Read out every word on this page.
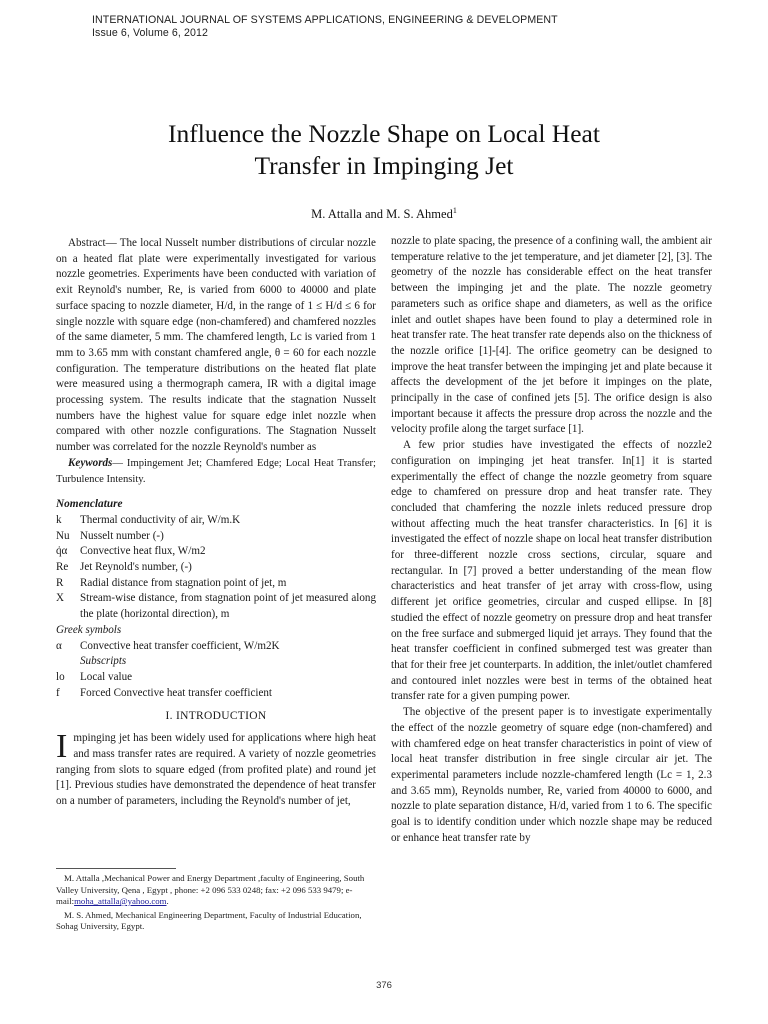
INTERNATIONAL JOURNAL OF SYSTEMS APPLICATIONS, ENGINEERING & DEVELOPMENT
Issue 6, Volume 6, 2012
Influence the Nozzle Shape on Local Heat
Transfer in Impinging Jet
M. Attalla and M. S. Ahmed$^1$

Abstract— The local Nusselt number distributions of circular nozzle on a heated flat plate were experimentally investigated for various nozzle geometries. Experiments have been conducted with variation of exit Reynold's number, Re, is varied from 6000 to 40000 and plate surface spacing to nozzle diameter, H/d, in the range of 1 ≤ H/d ≤ 6 for single nozzle with square edge (non-chamfered) and chamfered nozzles of the same diameter, 5 mm. The chamfered length, Lc is varied from 1 mm to 3.65 mm with constant chamfered angle, θ = 60 for each nozzle configuration. The temperature distributions on the heated flat plate were measured using a thermograph camera, IR with a digital image processing system. The results indicate that the stagnation Nusselt numbers have the highest value for square edge inlet nozzle when compared with other nozzle configurations. The Stagnation Nusselt number was correlated for the nozzle Reynold's number as

Keywords— Impingement Jet; Chamfered Edge; Local Heat Transfer; Turbulence Intensity.

Nomenclature
k	Thermal conductivity of air, W/m.K
Nu Nusselt number (-)
q̇α	Convective heat flux, W/m2
Re	Jet Reynold's number, (-)
R	Radial distance from stagnation point of jet, m
X	Stream-wise distance, from stagnation point of jet measured along the plate (horizontal direction), m
Greek symbols
α	Convective heat transfer coefficient, W/m2K
Subscripts
lo	Local value
f	Forced Convective heat transfer coefficient
I. INTRODUCTION

Impinging jet has been widely used for applications where high heat and mass transfer rates are required. A variety of nozzle geometries ranging from slots to square edged (from profited plate) and round jet [1]. Previous studies have demonstrated the dependence of heat transfer on a number of parameters, including the Reynold's number of jet,

M. Attalla ,Mechanical Power and Energy Department ,faculty of Engineering, South Valley University, Qena , Egypt , phone: +2 096 533 0248; fax: +2 096 533 9479; e-mail:moha_attalla@yahoo.com.

M. S. Ahmed, Mechanical Engineering Department, Faculty of Industrial Education, Sohag University, Egypt.

nozzle to plate spacing, the presence of a confining wall, the ambient air temperature relative to the jet temperature, and jet diameter [2], [3]. The geometry of the nozzle has considerable effect on the heat transfer between the impinging jet and the plate. The nozzle geometry parameters such as orifice shape and diameters, as well as the orifice inlet and outlet shapes have been found to play a determined role in heat transfer rate. The heat transfer rate depends also on the thickness of the nozzle orifice [1]-[4]. The orifice geometry can be designed to improve the heat transfer between the impinging jet and plate because it affects the development of the jet before it impinges on the plate, principally in the case of confined jets [5]. The orifice design is also important because it affects the pressure drop across the nozzle and the velocity profile along the target surface [1].

A few prior studies have investigated the effects of nozzle2 configuration on impinging jet heat transfer. In[1] it is started experimentally the effect of change the nozzle geometry from square edge to chamfered on pressure drop and heat transfer rate. They concluded that chamfering the nozzle inlets reduced pressure drop without affecting much the heat transfer characteristics. In [6] it is investigated the effect of nozzle shape on local heat transfer distribution for three-different nozzle cross sections, circular, square and rectangular. In [7] proved a better understanding of the mean flow characteristics and heat transfer of jet array with cross-flow, using different jet orifice geometries, circular and cusped ellipse. In [8] studied the effect of nozzle geometry on pressure drop and heat transfer on the free surface and submerged liquid jet arrays. They found that the heat transfer coefficient in confined submerged test was greater than that for their free jet counterparts. In addition, the inlet/outlet chamfered and contoured inlet nozzles were best in terms of the obtained heat transfer rate for a given pumping power.

The objective of the present paper is to investigate experimentally the effect of the nozzle geometry of square edge (non-chamfered) and with chamfered edge on heat transfer characteristics in point of view of local heat transfer distribution in free single circular air jet. The experimental parameters include nozzle-chamfered length (Lc = 1, 2.3 and 3.65 mm), Reynolds number, Re, varied from 40000 to 6000, and nozzle to plate separation distance, H/d, varied from 1 to 6. The specific goal is to identify condition under which nozzle shape may be reduced or enhance heat transfer rate by

376
